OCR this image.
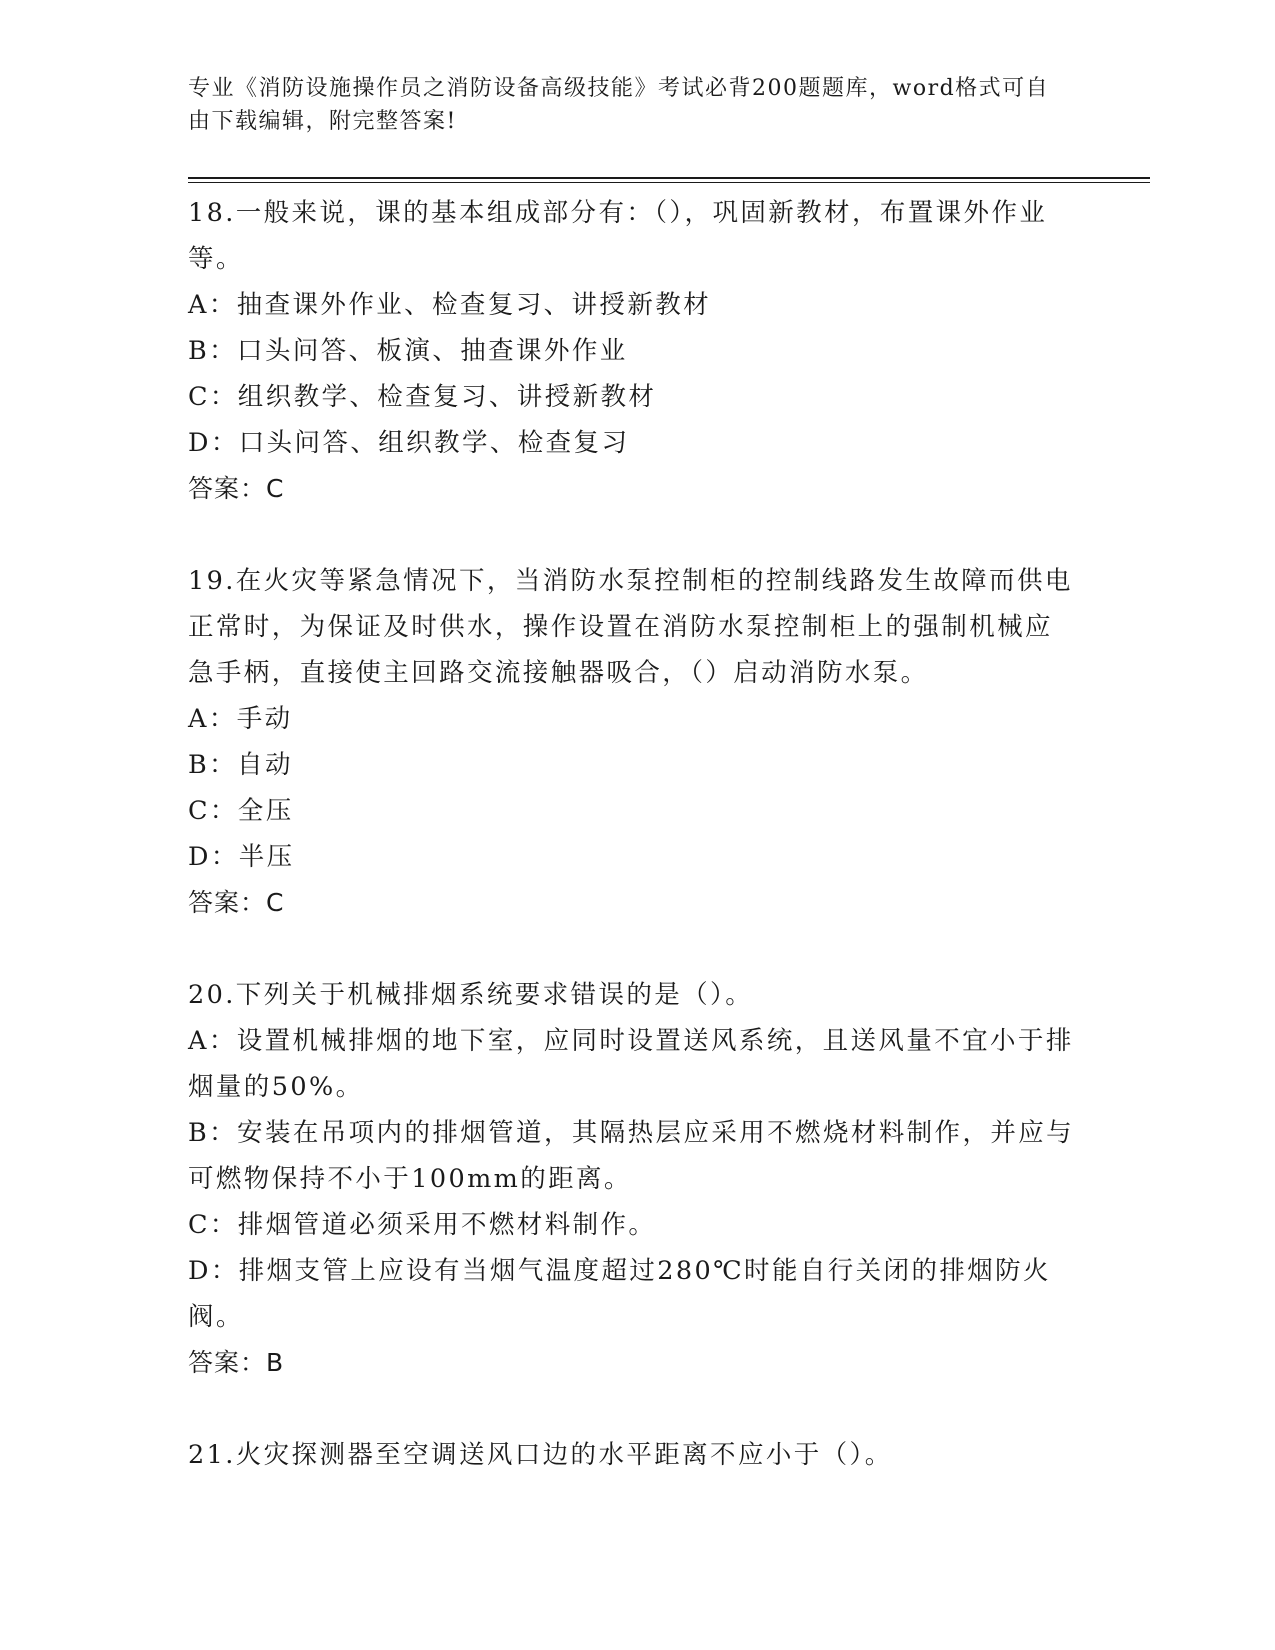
专业《消防设施操作员之消防设备高级技能》考试必背200题题库，word格式可自由下载编辑，附完整答案!

18.一般来说，课的基本组成部分有：（），巩固新教材，布置课外作业等。

A：抽查课外作业、检查复习、讲授新教材

B：口头问答、板演、抽查课外作业

C：组织教学、检查复习、讲授新教材

D：口头问答、组织教学、检查复习

答案：C

19.在火灾等紧急情况下，当消防水泵控制柜的控制线路发生故障而供电正常时，为保证及时供水，操作设置在消防水泵控制柜上的强制机械应急手柄，直接使主回路交流接触器吸合，（）启动消防水泵。

A：手动

B：自动

C：全压

D：半压

答案：C

20.下列关于机械排烟系统要求错误的是（）。

A：设置机械排烟的地下室，应同时设置送风系统，且送风量不宜小于排烟量的50%。

B：安装在吊项内的排烟管道，其隔热层应采用不燃烧材料制作，并应与可燃物保持不小于100mm的距离。

C：排烟管道必须采用不燃材料制作。

D：排烟支管上应设有当烟气温度超过280℃时能自行关闭的排烟防火阀。

答案：B

21.火灾探测器至空调送风口边的水平距离不应小于（）。
